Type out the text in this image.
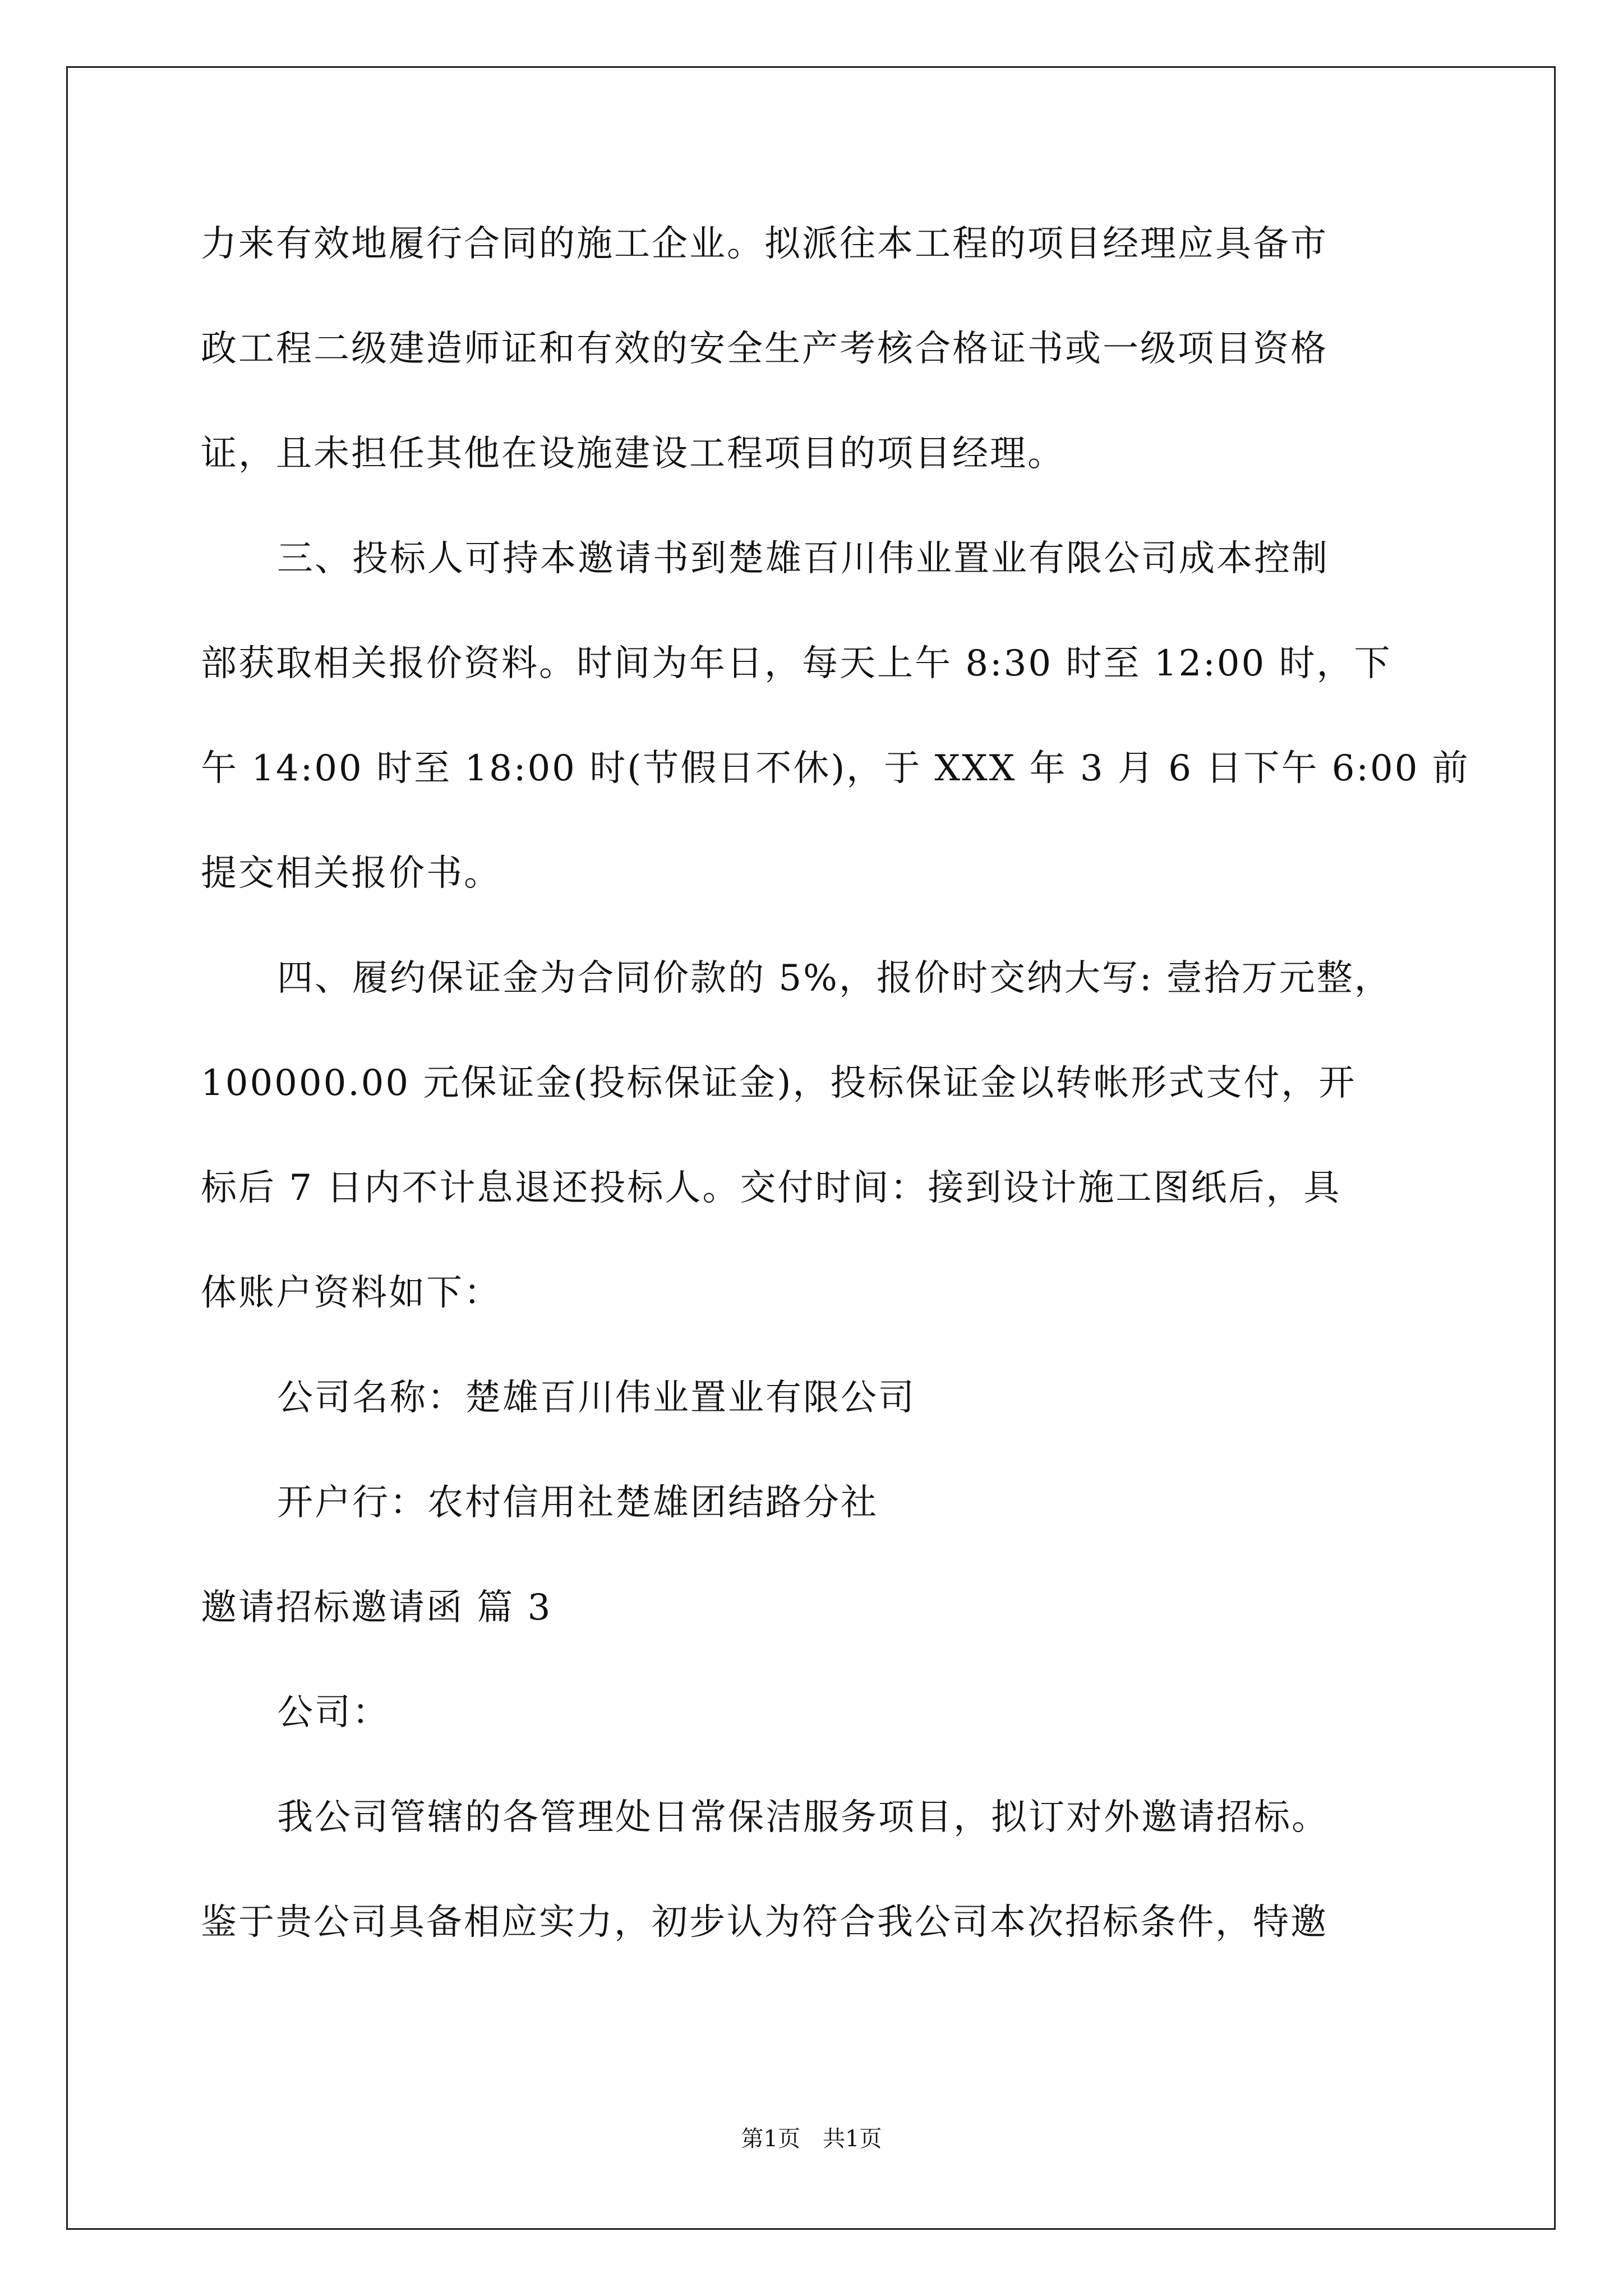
力来有效地履行合同的施工企业。拟派往本工程的项目经理应具备市
政工程二级建造师证和有效的安全生产考核合格证书或一级项目资格
证，且未担任其他在设施建设工程项目的项目经理。
三、投标人可持本邀请书到楚雄百川伟业置业有限公司成本控制
部获取相关报价资料。时间为年日，每天上午 8:30 时至 12:00 时，下
午 14:00 时至 18:00 时(节假日不休)，于 XXX 年 3 月 6 日下午 6:00 前
提交相关报价书。
四、履约保证金为合同价款的 5%，报价时交纳大写: 壹拾万元整，
100000.00 元保证金(投标保证金)，投标保证金以转帐形式支付，开
标后 7 日内不计息退还投标人。交付时间：接到设计施工图纸后，具
体账户资料如下：
公司名称：楚雄百川伟业置业有限公司
开户行：农村信用社楚雄团结路分社
邀请招标邀请函 篇 3
公司：
我公司管辖的各管理处日常保洁服务项目，拟订对外邀请招标。
鉴于贵公司具备相应实力，初步认为符合我公司本次招标条件，特邀
第1页　共1页
